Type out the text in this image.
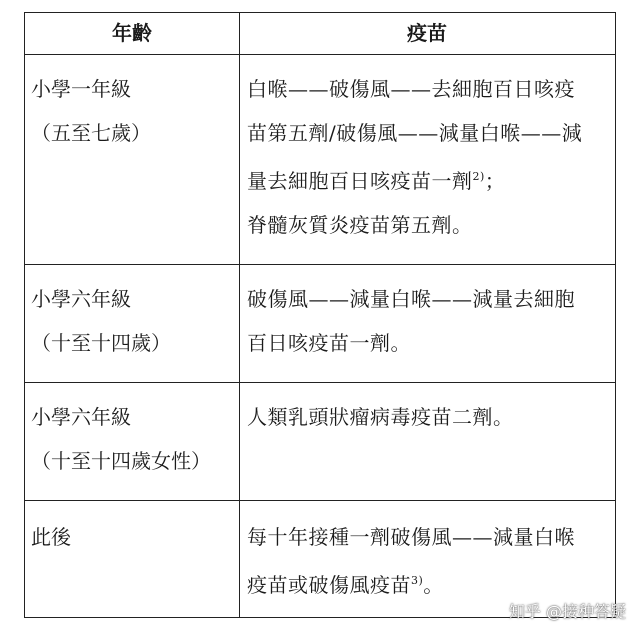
年齡	疫苗
小學一年級
（五至七歲）
白喉——破傷風——去細胞百日咳疫
苗第五劑/破傷風——減量白喉——減
量去細胞百日咳疫苗一劑$^{2)}$；
脊髓灰質炎疫苗第五劑。
小學六年級
（十至十四歲）
破傷風——減量白喉——減量去細胞
百日咳疫苗一劑。
小學六年級
（十至十四歲女性）
人類乳頭狀瘤病毒疫苗二劑。
此後	每十年接種一劑破傷風——減量白喉
疫苗或破傷風疫苗$^{3)}$。
知乎 @接种答疑
